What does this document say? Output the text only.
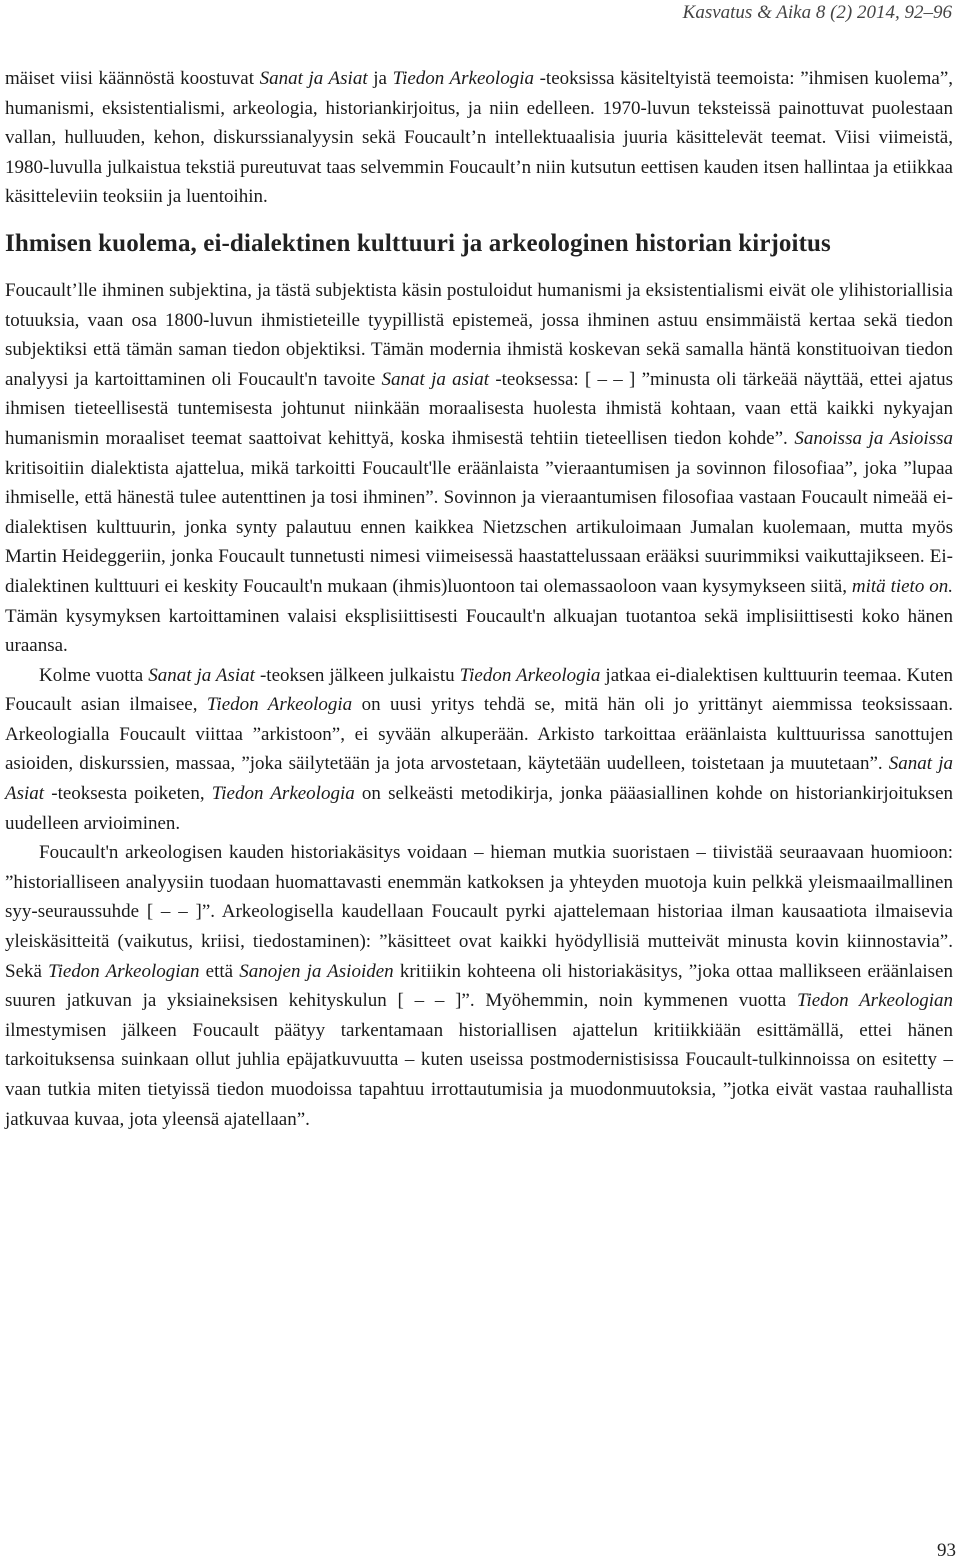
Kasvatus & Aika 8 (2) 2014, 92–96

mäiset viisi käännöstä koostuvat Sanat ja Asiat ja Tiedon Arkeologia -teoksissa käsiteltyistä teemoista: ”ihmisen kuolema”, humanismi, eksistentialismi, arkeologia, historiankirjoitus, ja niin edelleen. 1970-luvun teksteissä painottuvat puolestaan vallan, hulluuden, kehon, diskurssianalyysin sekä Foucault’n intellektuaalisia juuria käsittelevät teemat. Viisi viimeistä, 1980-luvulla julkaistua tekstiä pureutuvat taas selvemmin Foucault’n niin kutsutun eettisen kauden itsen hallintaa ja etiikkaa käsitteleviin teoksiin ja luentoihin.

Ihmisen kuolema, ei-dialektinen kulttuuri ja arkeologinen historian kirjoitus

Foucault’lle ihminen subjektina, ja tästä subjektista käsin postuloidut humanismi ja eksistentialismi eivät ole ylihistoriallisia totuuksia, vaan osa 1800-luvun ihmistieteille tyypillistä epistemeä, jossa ihminen astuu ensimmäistä kertaa sekä tiedon subjektiksi että tämän saman tiedon objektiksi. Tämän modernia ihmistä koskevan sekä samalla häntä konstituoivan tiedon analyysi ja kartoittaminen oli Foucault'n tavoite Sanat ja asiat -teoksessa: [ – – ] ”minusta oli tärkeää näyttää, ettei ajatus ihmisen tieteellisestä tuntemisesta johtunut niinkään moraalisesta huolesta ihmistä kohtaan, vaan että kaikki nykyajan humanismin moraaliset teemat saattoivat kehittyä, koska ihmisestä tehtiin tieteellisen tiedon kohde”. Sanoissa ja Asioissa kritisoitiin dialektista ajattelua, mikä tarkoitti Foucault'lle eräänlaista ”vieraantumisen ja sovinnon filosofiaa”, joka ”lupaa ihmiselle, että hänestä tulee autenttinen ja tosi ihminen”. Sovinnon ja vieraantumisen filosofiaa vastaan Foucault nimeää ei-dialektisen kulttuurin, jonka synty palautuu ennen kaikkea Nietzschen artikuloimaan Jumalan kuolemaan, mutta myös Martin Heideggeriin, jonka Foucault tunnetusti nimesi viimeisessä haastattelussaan erääksi suurimmiksi vaikuttajikseen. Ei-dialektinen kulttuuri ei keskity Foucault'n mukaan (ihmis)luontoon tai olemassaoloon vaan kysymykseen siitä, mitä tieto on. Tämän kysymyksen kartoittaminen valaisi eksplisiittisesti Foucault'n alkuajan tuotantoa sekä implisiittisesti koko hänen uraansa.

Kolme vuotta Sanat ja Asiat -teoksen jälkeen julkaistu Tiedon Arkeologia jatkaa ei-dialektisen kulttuurin teemaa. Kuten Foucault asian ilmaisee, Tiedon Arkeologia on uusi yritys tehdä se, mitä hän oli jo yrittänyt aiemmissa teoksissaan. Arkeologialla Foucault viittaa ”arkistoon”, ei syvään alkuperään. Arkisto tarkoittaa eräänlaista kulttuurissa sanottujen asioiden, diskurssien, massaa, ”joka säilytetään ja jota arvostetaan, käytetään uudelleen, toistetaan ja muutetaan”. Sanat ja Asiat -teoksesta poiketen, Tiedon Arkeologia on selkeästi metodikirja, jonka pääasiallinen kohde on historiankirjoituksen uudelleen arvioiminen.

Foucault'n arkeologisen kauden historiakäsitys voidaan – hieman mutkia suoristaen – tiivistää seuraavaan huomioon: ”historialliseen analyysiin tuodaan huomattavasti enemmän katkoksen ja yhteyden muotoja kuin pelkkä yleismaailmallinen syy-seuraussuhde [ – – ]”. Arkeologisella kaudellaan Foucault pyrki ajattelemaan historiaa ilman kausaatiota ilmaisevia yleiskäsitteitä (vaikutus, kriisi, tiedostaminen): ”käsitteet ovat kaikki hyödyllisiä mutteivät minusta kovin kiinnostavia”. Sekä Tiedon Arkeologian että Sanojen ja Asioiden kritiikin kohteena oli historiakäsitys, ”joka ottaa mallikseen eräänlaisen suuren jatkuvan ja yksiaineksisen kehityskulun [ – – ]”. Myöhemmin, noin kymmenen vuotta Tiedon Arkeologian ilmestymisen jälkeen Foucault päätyy tarkentamaan historiallisen ajattelun kritiikkiään esittämällä, ettei hänen tarkoituksensa suinkaan ollut juhlia epäjatkuvuutta – kuten useissa postmodernistisissa Foucault-tulkinnoissa on esitetty – vaan tutkia miten tietyissä tiedon muodoissa tapahtuu irrottautumisia ja muodonmuutoksia, ”jotka eivät vastaa rauhallista jatkuvaa kuvaa, jota yleensä ajatellaan”.

93
